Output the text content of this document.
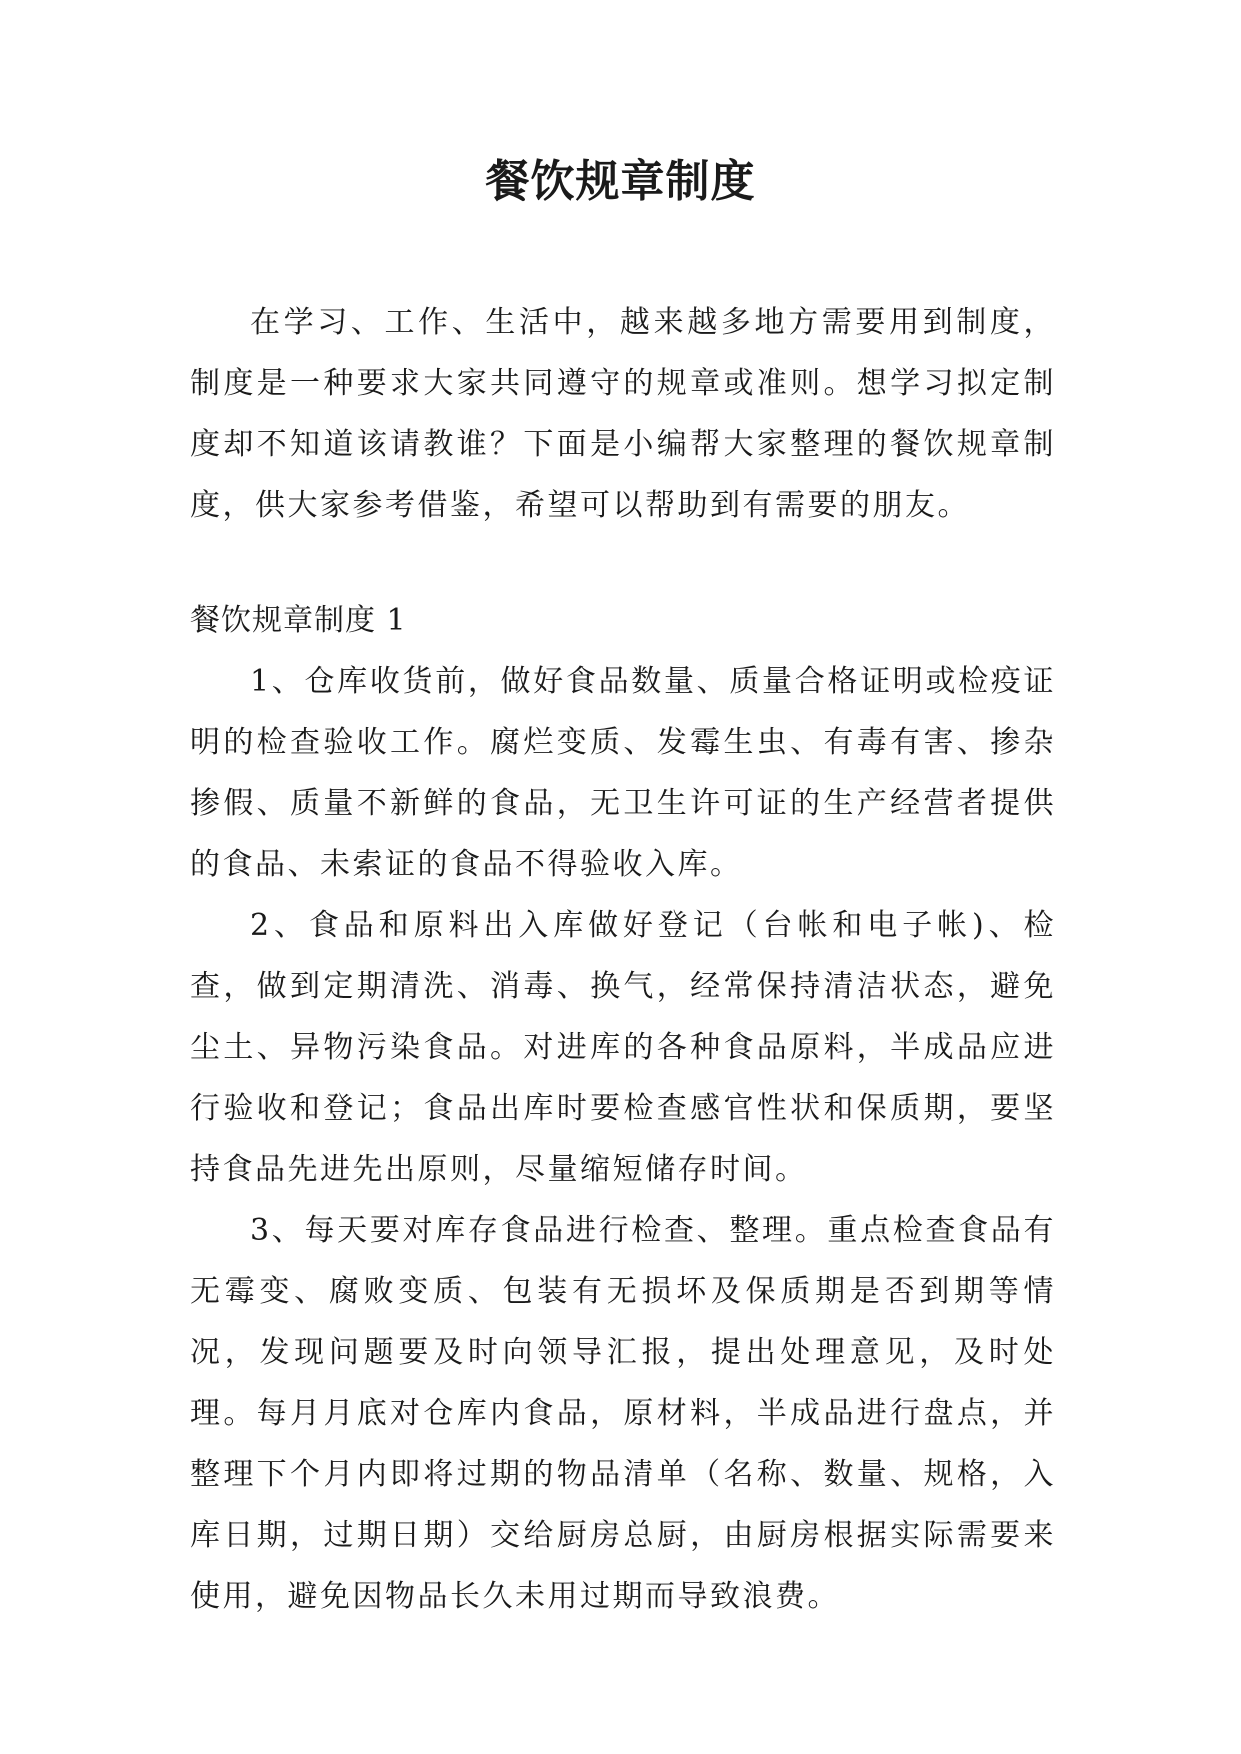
餐饮规章制度

在学习、工作、生活中，越来越多地方需要用到制度，制度是一种要求大家共同遵守的规章或准则。想学习拟定制度却不知道该请教谁？下面是小编帮大家整理的餐饮规章制度，供大家参考借鉴，希望可以帮助到有需要的朋友。

餐饮规章制度 1

1、仓库收货前，做好食品数量、质量合格证明或检疫证明的检查验收工作。腐烂变质、发霉生虫、有毒有害、掺杂掺假、质量不新鲜的食品，无卫生许可证的生产经营者提供的食品、未索证的食品不得验收入库。

2、食品和原料出入库做好登记（台帐和电子帐)、检查，做到定期清洗、消毒、换气，经常保持清洁状态，避免尘土、异物污染食品。对进库的各种食品原料，半成品应进行验收和登记；食品出库时要检查感官性状和保质期，要坚持食品先进先出原则，尽量缩短储存时间。

3、每天要对库存食品进行检查、整理。重点检查食品有无霉变、腐败变质、包装有无损坏及保质期是否到期等情况，发现问题要及时向领导汇报，提出处理意见，及时处理。每月月底对仓库内食品，原材料，半成品进行盘点，并整理下个月内即将过期的物品清单（名称、数量、规格，入库日期，过期日期）交给厨房总厨，由厨房根据实际需要来使用，避免因物品长久未用过期而导致浪费。
